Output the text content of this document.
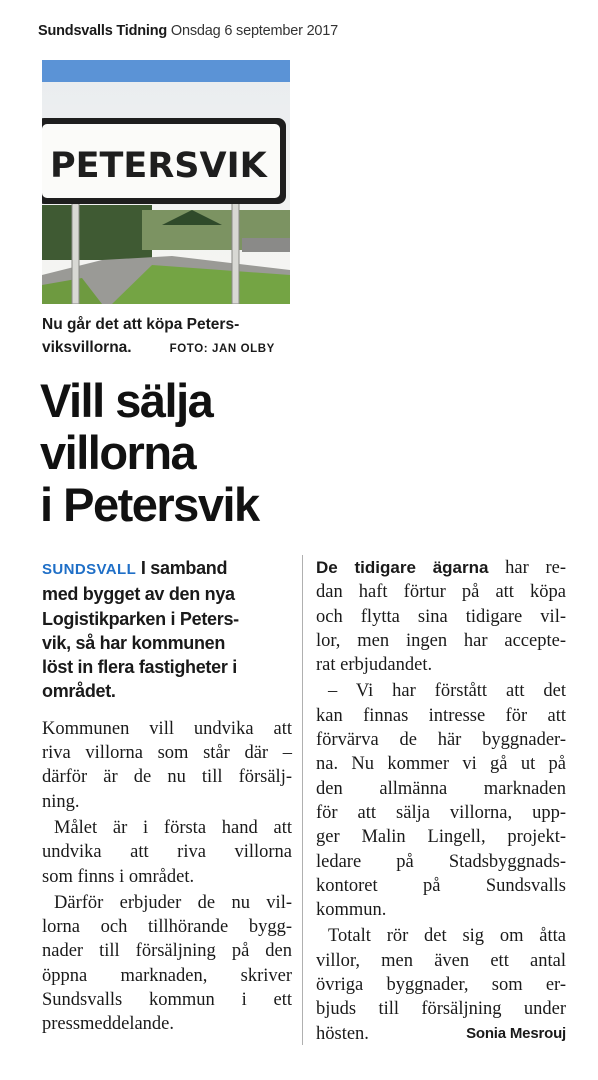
Sundsvalls Tidning Onsdag 6 september 2017
PETERSVIK
Nu går det att köpa Peters-
viksvillorna.	FOTO: JAN OLBY
Vill sälja
villorna
i Petersvik
SUNDSVALL I samband
med bygget av den nya
Logistikparken i Peters-
vik, så har kommunen
löst in flera fastigheter i
området.
Kommunen vill undvika att
riva villorna som står där –
därför är de nu till försälj-
ning.
Målet är i första hand att
undvika att riva villorna
som finns i området.
Därför erbjuder de nu vil-
lorna och tillhörande bygg-
nader till försäljning på den
öppna marknaden, skriver
Sundsvalls kommun i ett
pressmeddelande.
De tidigare ägarna har re-
dan haft förtur på att köpa
och flytta sina tidigare vil-
lor, men ingen har accepte-
rat erbjudandet.
– Vi har förstått att det
kan finnas intresse för att
förvärva de här byggnader-
na. Nu kommer vi gå ut på
den allmänna marknaden
för att sälja villorna, upp-
ger Malin Lingell, projekt-
ledare på Stadsbyggnads-
kontoret på Sundsvalls
kommun.
Totalt rör det sig om åtta
villor, men även ett antal
övriga byggnader, som er-
bjuds till försäljning under
hösten.	Sonia Mesrouj
